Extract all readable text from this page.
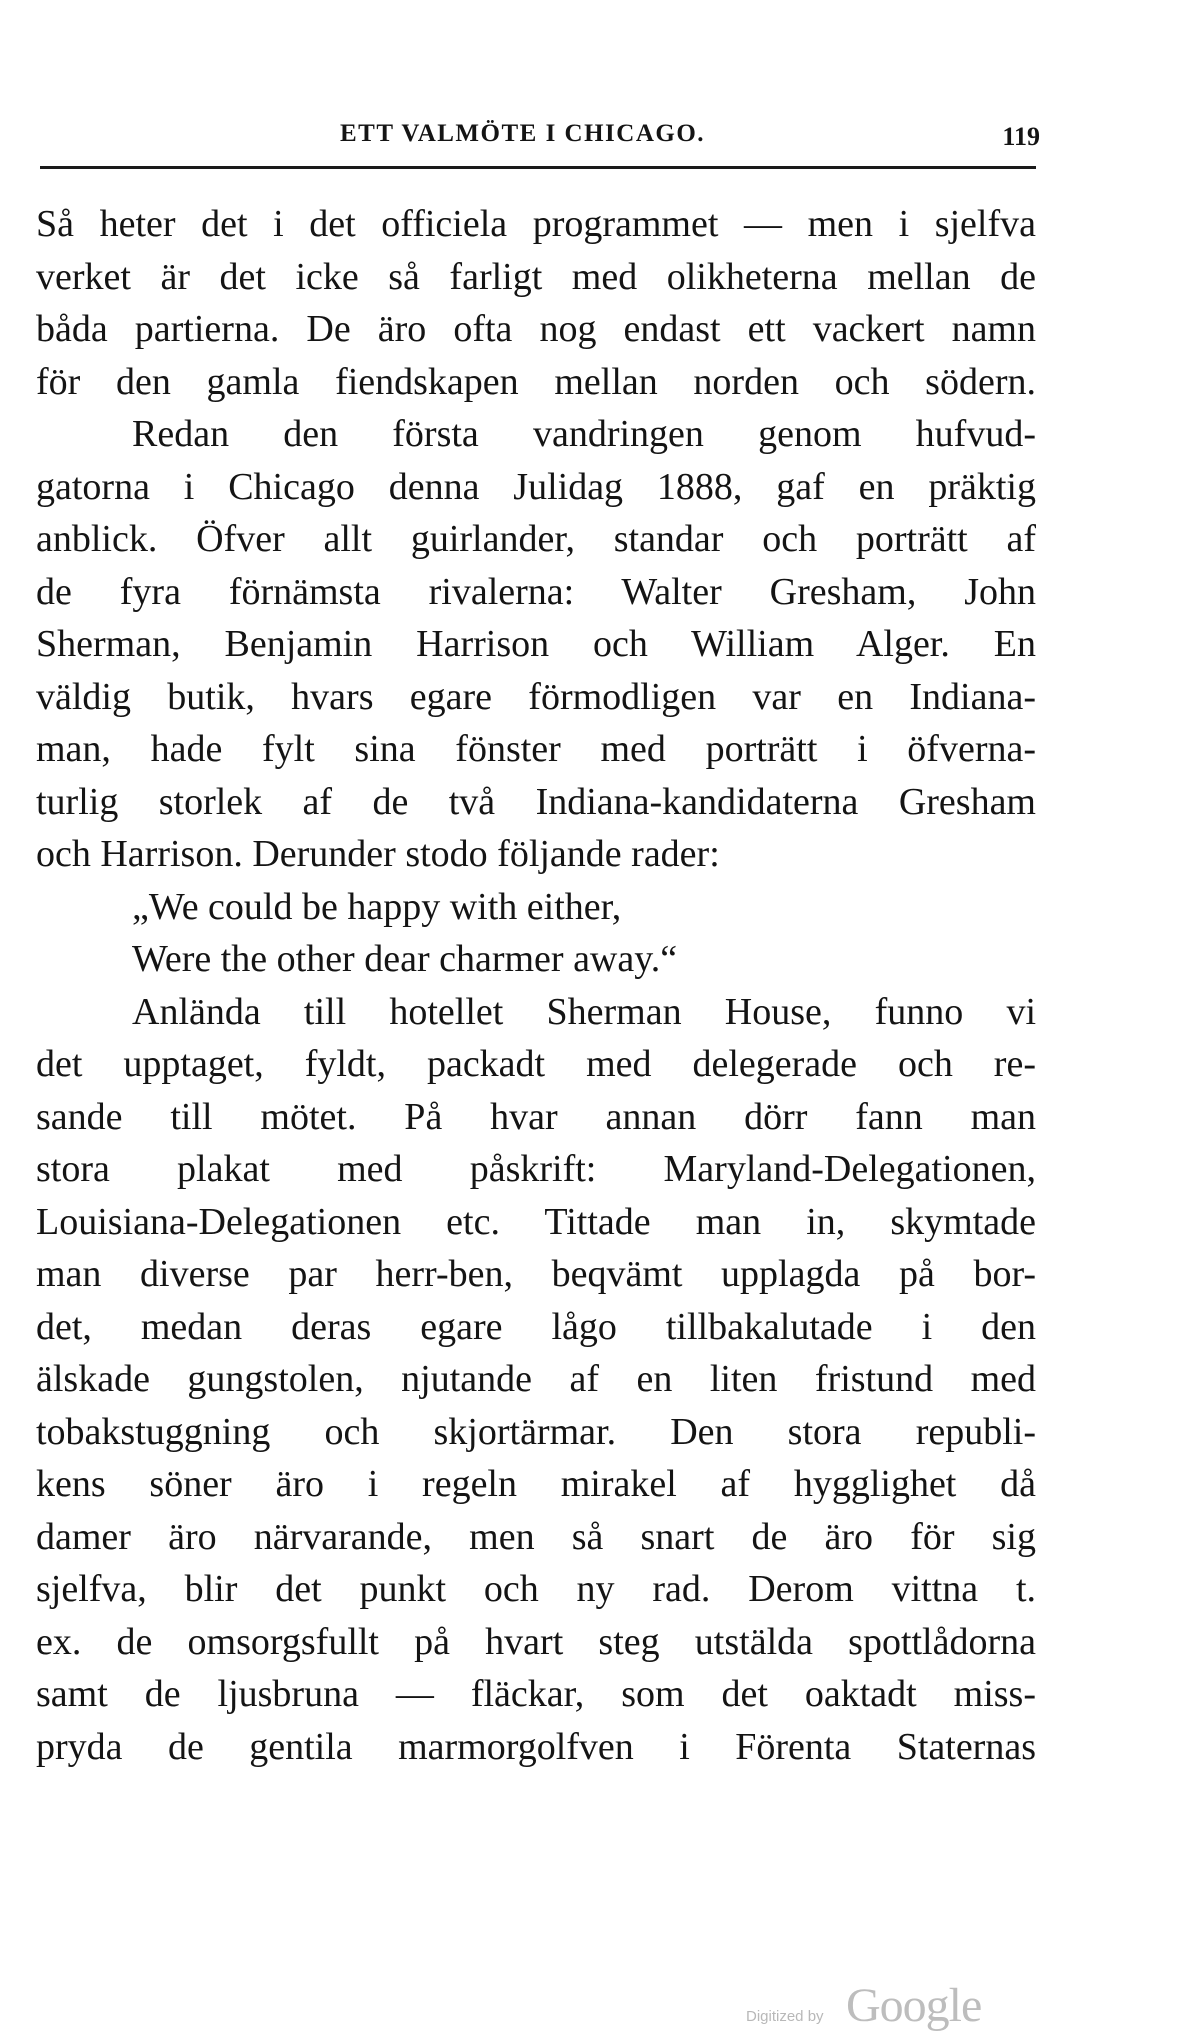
ETT VALMÖTE I CHICAGO.	119
Så heter det i det officiela programmet — men i sjelfva
verket är det icke så farligt med olikheterna mellan de
båda partierna. De äro ofta nog endast ett vackert namn
för den gamla fiendskapen mellan norden och södern.
Redan den första vandringen genom hufvud-
gatorna i Chicago denna Julidag 1888, gaf en präktig
anblick. Öfver allt guirlander, standar och porträtt af
de fyra förnämsta rivalerna: Walter Gresham, John
Sherman, Benjamin Harrison och William Alger. En
väldig butik, hvars egare förmodligen var en Indiana-
man, hade fylt sina fönster med porträtt i öfverna-
turlig storlek af de två Indiana-kandidaterna Gresham
och Harrison. Derunder stodo följande rader:
„We could be happy with either,
Were the other dear charmer away.“
Anlända till hotellet Sherman House, funno vi
det upptaget, fyldt, packadt med delegerade och re-
sande till mötet. På hvar annan dörr fann man
stora plakat med påskrift: Maryland-Delegationen,
Louisiana-Delegationen etc. Tittade man in, skymtade
man diverse par herr-ben, beqvämt upplagda på bor-
det, medan deras egare lågo tillbakalutade i den
älskade gungstolen, njutande af en liten fristund med
tobakstuggning och skjortärmar. Den stora republi-
kens söner äro i regeln mirakel af hygglighet då
damer äro närvarande, men så snart de äro för sig
sjelfva, blir det punkt och ny rad. Derom vittna t.
ex. de omsorgsfullt på hvart steg utstälda spottlådorna
samt de ljusbruna — fläckar, som det oaktadt miss-
pryda de gentila marmorgolfven i Förenta Staternas
Digitized by Google
